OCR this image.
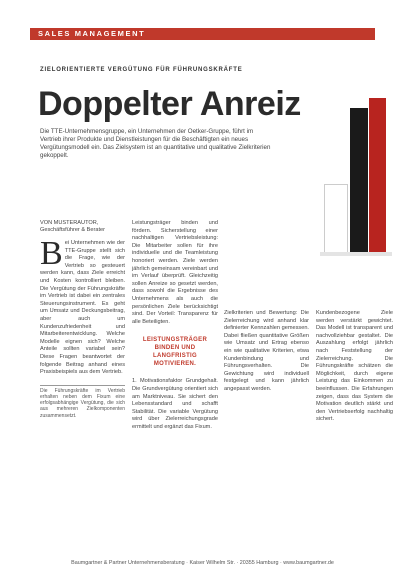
SALES MANAGEMENT
ZIELORIENTIERTE VERGÜTUNG FÜR FÜHRUNGSKRÄFTE
Doppelter Anreiz
Die TTE-Unternehmensgruppe, ein Unternehmen der Oetker-Gruppe, führt im Vertrieb ihrer Produkte und Dienstleistungen für die Beschäftigten ein neues Vergütungsmodell ein. Das Zielsystem ist an quantitative und qualitative Zielkriterien gekoppelt.
VON MUSTERAUTOR, Geschäftsführer & Berater
B ei Unternehmen wie der TTE-Gruppe stellt sich die Frage, wie der Vertrieb so gesteuert werden kann, dass Ziele erreicht und Kosten kontrolliert bleiben. Die Vergütung der Führungskräfte im Vertrieb ist dabei ein zentrales Steuerungsinstrument. Es geht um Umsatz und Deckungsbeitrag, aber auch um Kundenzufriedenheit und Mitarbeiterentwicklung. Welche Modelle eignen sich? Welche Anteile sollten variabel sein? Diese Fragen beantwortet der folgende Beitrag anhand eines Praxisbeispiels aus dem Vertrieb.
Die Führungskräfte im Vertrieb erhalten neben dem Fixum eine erfolgsabhängige Vergütung, die sich aus mehreren Zielkomponenten zusammensetzt.
Leistungsträger binden und fördern. Sicherstellung einer nachhaltigen Vertriebsleistung: Die Mitarbeiter sollen für ihre individuelle und die Teamleistung honoriert werden. Ziele werden jährlich gemeinsam vereinbart und im Verlauf überprüft. Gleichzeitig sollen Anreize so gesetzt werden, dass sowohl die Ergebnisse des Unternehmens als auch die persönlichen Ziele berücksichtigt sind. Der Vorteil: Transparenz für alle Beteiligten.
LEISTUNGSTRÄGER BINDEN UND LANGFRISTIG MOTIVIEREN.
1. Motivationsfaktor Grundgehalt. Die Grundvergütung orientiert sich am Marktniveau. Sie sichert den Lebensstandard und schafft Stabilität. Die variable Vergütung wird über Zielerreichungsgrade ermittelt und ergänzt das Fixum.
Zielkriterien und Bewertung: Die Zielerreichung wird anhand klar definierter Kennzahlen gemessen. Dabei fließen quantitative Größen wie Umsatz und Ertrag ebenso ein wie qualitative Kriterien, etwa Kundenbindung und Führungsverhalten. Die Gewichtung wird individuell festgelegt und kann jährlich angepasst werden.
Kundenbezogene Ziele werden verstärkt gewichtet. Das Modell ist transparent und nachvollziehbar gestaltet. Die Auszahlung erfolgt jährlich nach Feststellung der Zielerreichung. Die Führungskräfte schätzen die Möglichkeit, durch eigene Leistung das Einkommen zu beeinflussen. Die Erfahrungen zeigen, dass das System die Motivation deutlich stärkt und den Vertriebserfolg nachhaltig sichert.
Baumgartner & Partner Unternehmensberatung · Kaiser Wilhelm Str. · 20355 Hamburg · www.baumgartner.de
